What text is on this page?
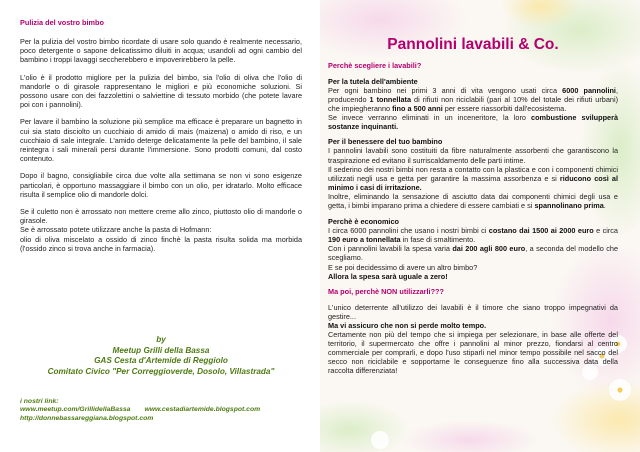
Pulizia del vostro bimbo

Per la pulizia del vostro bimbo ricordate di usare solo quando è realmente necessario, poco detergente o sapone delicatissimo diluiti in acqua; usandoli ad ogni cambio del bambino i troppi lavaggi seccherebbero e impoverirebbero la pelle.

L'olio è il prodotto migliore per la pulizia del bimbo, sia l'olio di oliva che l'olio di mandorle o di girasole rappresentano le migliori e più economiche soluzioni. Si possono usare con dei fazzolettini o salviettine di tessuto morbido (che potete lavare poi con i pannolini).

Per lavare il bambino la soluzione più semplice ma efficace è preparare un bagnetto in cui sia stato disciolto un cucchiaio di amido di mais (maizena) o amido di riso, e un cucchiaio di sale integrale. L'amido deterge delicatamente la pelle del bambino, il sale reintegra i sali minerali persi durante l'immersione. Sono prodotti comuni, dal costo contenuto.

Dopo il bagno, consigliabile circa due volte alla settimana se non vi sono esigenze particolari, è opportuno massaggiare il bimbo con un olio, per idratarlo. Molto efficace risulta il semplice olio di mandorle dolci.

Se il culetto non è arrossato non mettere creme allo zinco, piuttosto olio di mandorle o girasole.
Se è arrossato potete utilizzare anche la pasta di Hofmann:
olio di oliva miscelato a ossido di zinco finchè la pasta risulta solida ma morbida (l'ossido zinco si trova anche in farmacia).

by
Meetup Grilli della Bassa
GAS Cesta d'Artemide di Reggiolo
Comitato Civico "Per Correggioverde, Dosolo, Villastrada"
i nostri link:
www.meetup.com/GrillidellaBassa www.cestadiartemide.blogspot.com
http://donnebassareggiana.blogspot.com
Pannolini lavabili & Co.
Perchè scegliere i lavabili?
Per la tutela dell'ambiente

Per ogni bambino nei primi 3 anni di vita vengono usati circa 6000 pannolini, producendo 1 tonnellata di rifiuti non riciclabili (pari al 10% del totale dei rifiuti urbani) che impiegheranno fino a 500 anni per essere riassorbiti dall'ecosistema.
Se invece verranno eliminati in un inceneritore, la loro combustione svilupperà sostanze inquinanti.

Per il benessere del tuo bambino

I pannolini lavabili sono costituiti da fibre naturalmente assorbenti che garantiscono la traspirazione ed evitano il surriscaldamento delle parti intime.
Il sederino dei nostri bimbi non resta a contatto con la plastica e con i componenti chimici utilizzati negli usa e getta per garantire la massima assorbenza e si riducono così al minimo i casi di irritazione.
Inoltre, eliminando la sensazione di asciutto data dai componenti chimici degli usa e getta, i bimbi imparano prima a chiedere di essere cambiati e si spannolinano prima.

Perchè è economico

I circa 6000 pannolini che usano i nostri bimbi ci costano dai 1500 ai 2000 euro e circa 190 euro a tonnellata in fase di smaltimento.
Con i pannolini lavabili la spesa varia dai 200 agli 800 euro, a seconda del modello che scegliamo.
E se poi decidessimo di avere un altro bimbo?
Allora la spesa sarà uguale a zero!

Ma poi, perchè NON utilizzarli???

L'unico deterrente all'utilizzo dei lavabili è il timore che siano troppo impegnativi da gestire...
Ma vi assicuro che non si perde molto tempo.
Certamente non più del tempo che si impiega per selezionare, in base alle offerte del territorio, il supermercato che offre i pannolini al minor prezzo, fiondarsi al centro commerciale per comprarli, e dopo l'uso stiparli nel minor tempo possibile nel sacco del secco non riciclabile e sopportarne le conseguenze fino alla successiva data della raccolta differenziata!
